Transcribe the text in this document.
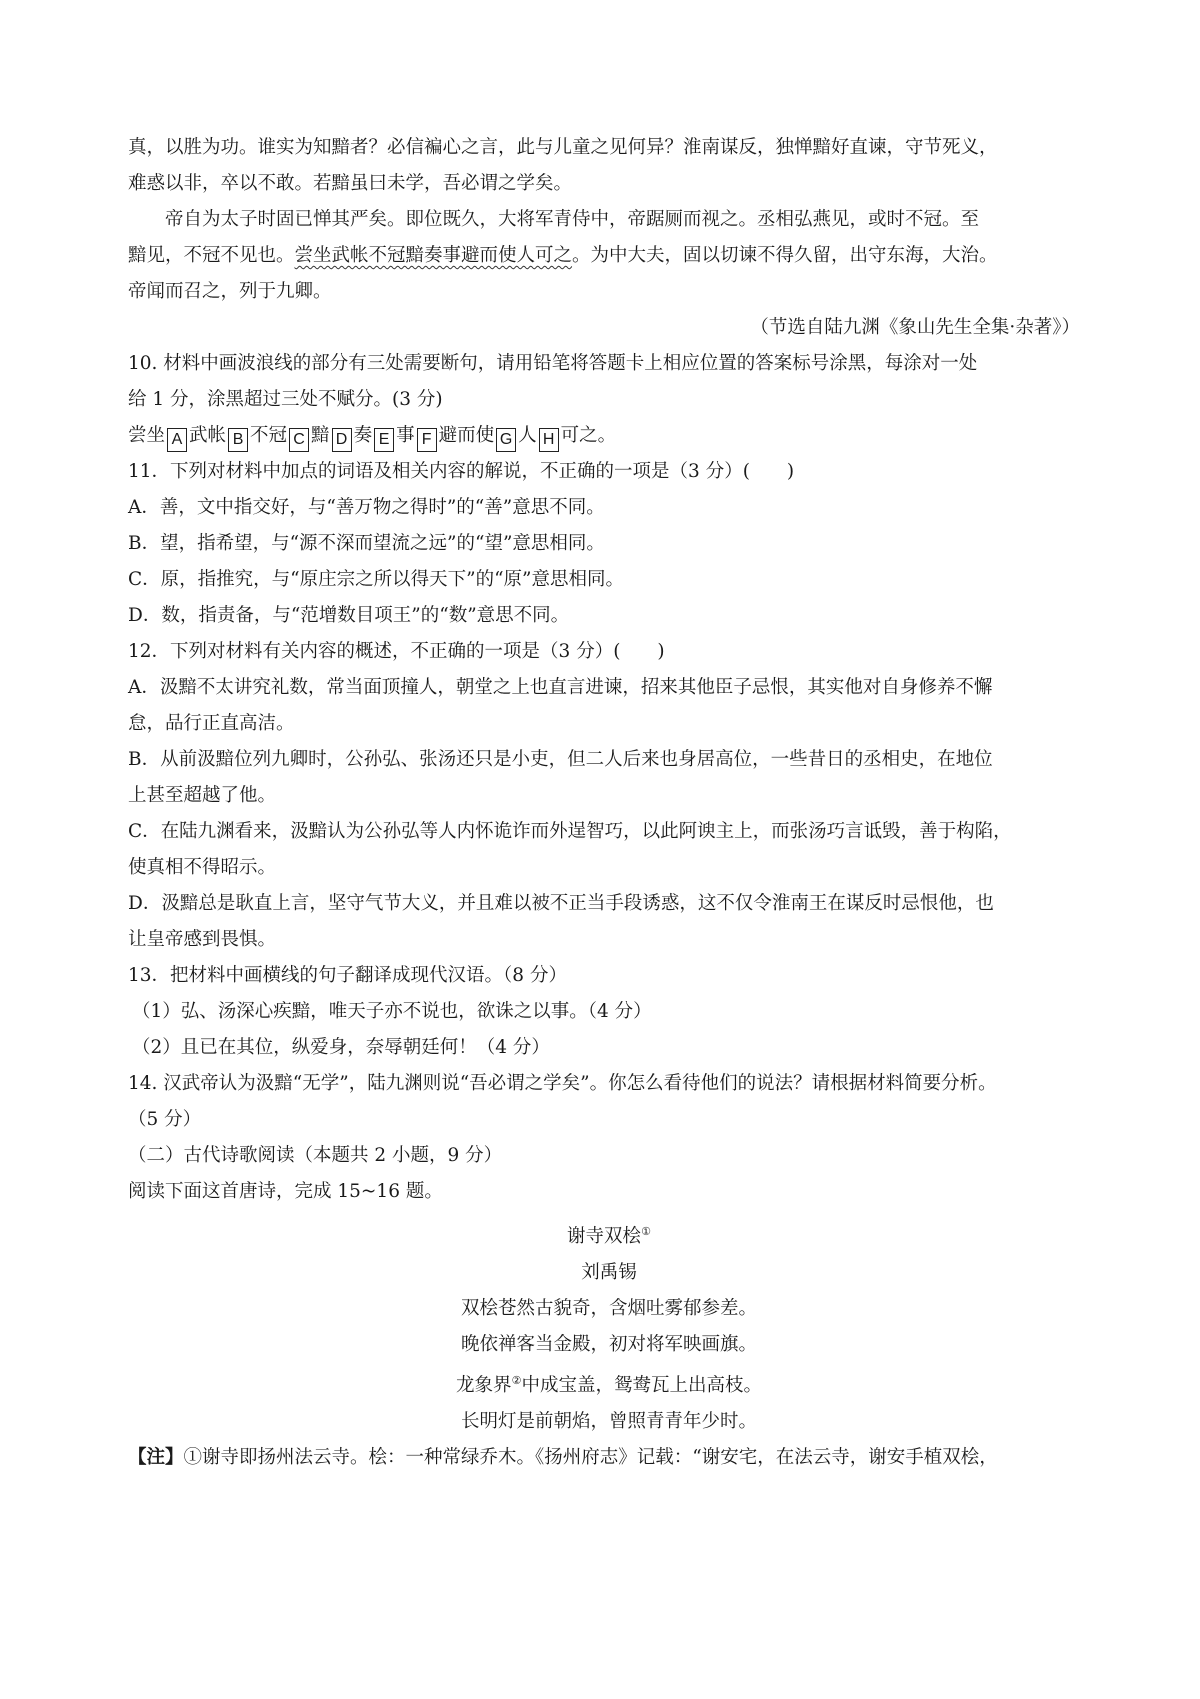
真，以胜为功。谁实为知黯者？必信褊心之言，此与儿童之见何异？淮南谋反，独惮黯好直谏，守节死义，
难惑以非，卒以不敢。若黯虽曰未学，吾必谓之学矣。
帝自为太子时固已惮其严矣。即位既久，大将军青侍中，帝踞厕而视之。丞相弘燕见，或时不冠。至
黯见，不冠不见也。尝坐武帐不冠黯奏事避而使人可之。为中大夫，固以切谏不得久留，出守东海，大治。
帝闻而召之，列于九卿。
（节选自陆九渊《象山先生全集·杂著》）
10. 材料中画波浪线的部分有三处需要断句，请用铅笔将答题卡上相应位置的答案标号涂黑，每涂对一处
给 1 分，涂黑超过三处不赋分。(3 分)
尝坐 A 武帐 B 不冠 C 黯 D 奏 E 事 F 避而使 G 人 H 可之。
11．下列对材料中加点的词语及相关内容的解说，不正确的一项是（3 分）(　　)
A．善，文中指交好，与“善万物之得时”的“善”意思不同。
B．望，指希望，与“源不深而望流之远”的“望”意思相同。
C．原，指推究，与“原庄宗之所以得天下”的“原”意思相同。
D．数，指责备，与“范增数目项王”的“数”意思不同。
12．下列对材料有关内容的概述，不正确的一项是（3 分）(　　)
A．汲黯不太讲究礼数，常当面顶撞人，朝堂之上也直言进谏，招来其他臣子忌恨，其实他对自身修养不懈
怠，品行正直高洁。
B．从前汲黯位列九卿时，公孙弘、张汤还只是小吏，但二人后来也身居高位，一些昔日的丞相史，在地位
上甚至超越了他。
C．在陆九渊看来，汲黯认为公孙弘等人内怀诡诈而外逞智巧，以此阿谀主上，而张汤巧言诋毁，善于构陷，
使真相不得昭示。
D．汲黯总是耿直上言，坚守气节大义，并且难以被不正当手段诱惑，这不仅令淮南王在谋反时忌恨他，也
让皇帝感到畏惧。
13．把材料中画横线的句子翻译成现代汉语。（8 分）
（1）弘、汤深心疾黯，唯天子亦不说也，欲诛之以事。（4 分）
（2）且已在其位，纵爱身，奈辱朝廷何！（4 分）
14. 汉武帝认为汲黯“无学”，陆九渊则说“吾必谓之学矣”。你怎么看待他们的说法？请根据材料简要分析。
（5 分）
（二）古代诗歌阅读（本题共 2 小题，9 分）
阅读下面这首唐诗，完成 15~16 题。
谢寺双桧①
刘禹锡
双桧苍然古貌奇，含烟吐雾郁参差。
晚依禅客当金殿，初对将军映画旗。
龙象界②中成宝盖，鸳鸯瓦上出高枝。
长明灯是前朝焰，曾照青青年少时。
【注】①谢寺即扬州法云寺。桧：一种常绿乔木。《扬州府志》记载：“谢安宅，在法云寺，谢安手植双桧，
